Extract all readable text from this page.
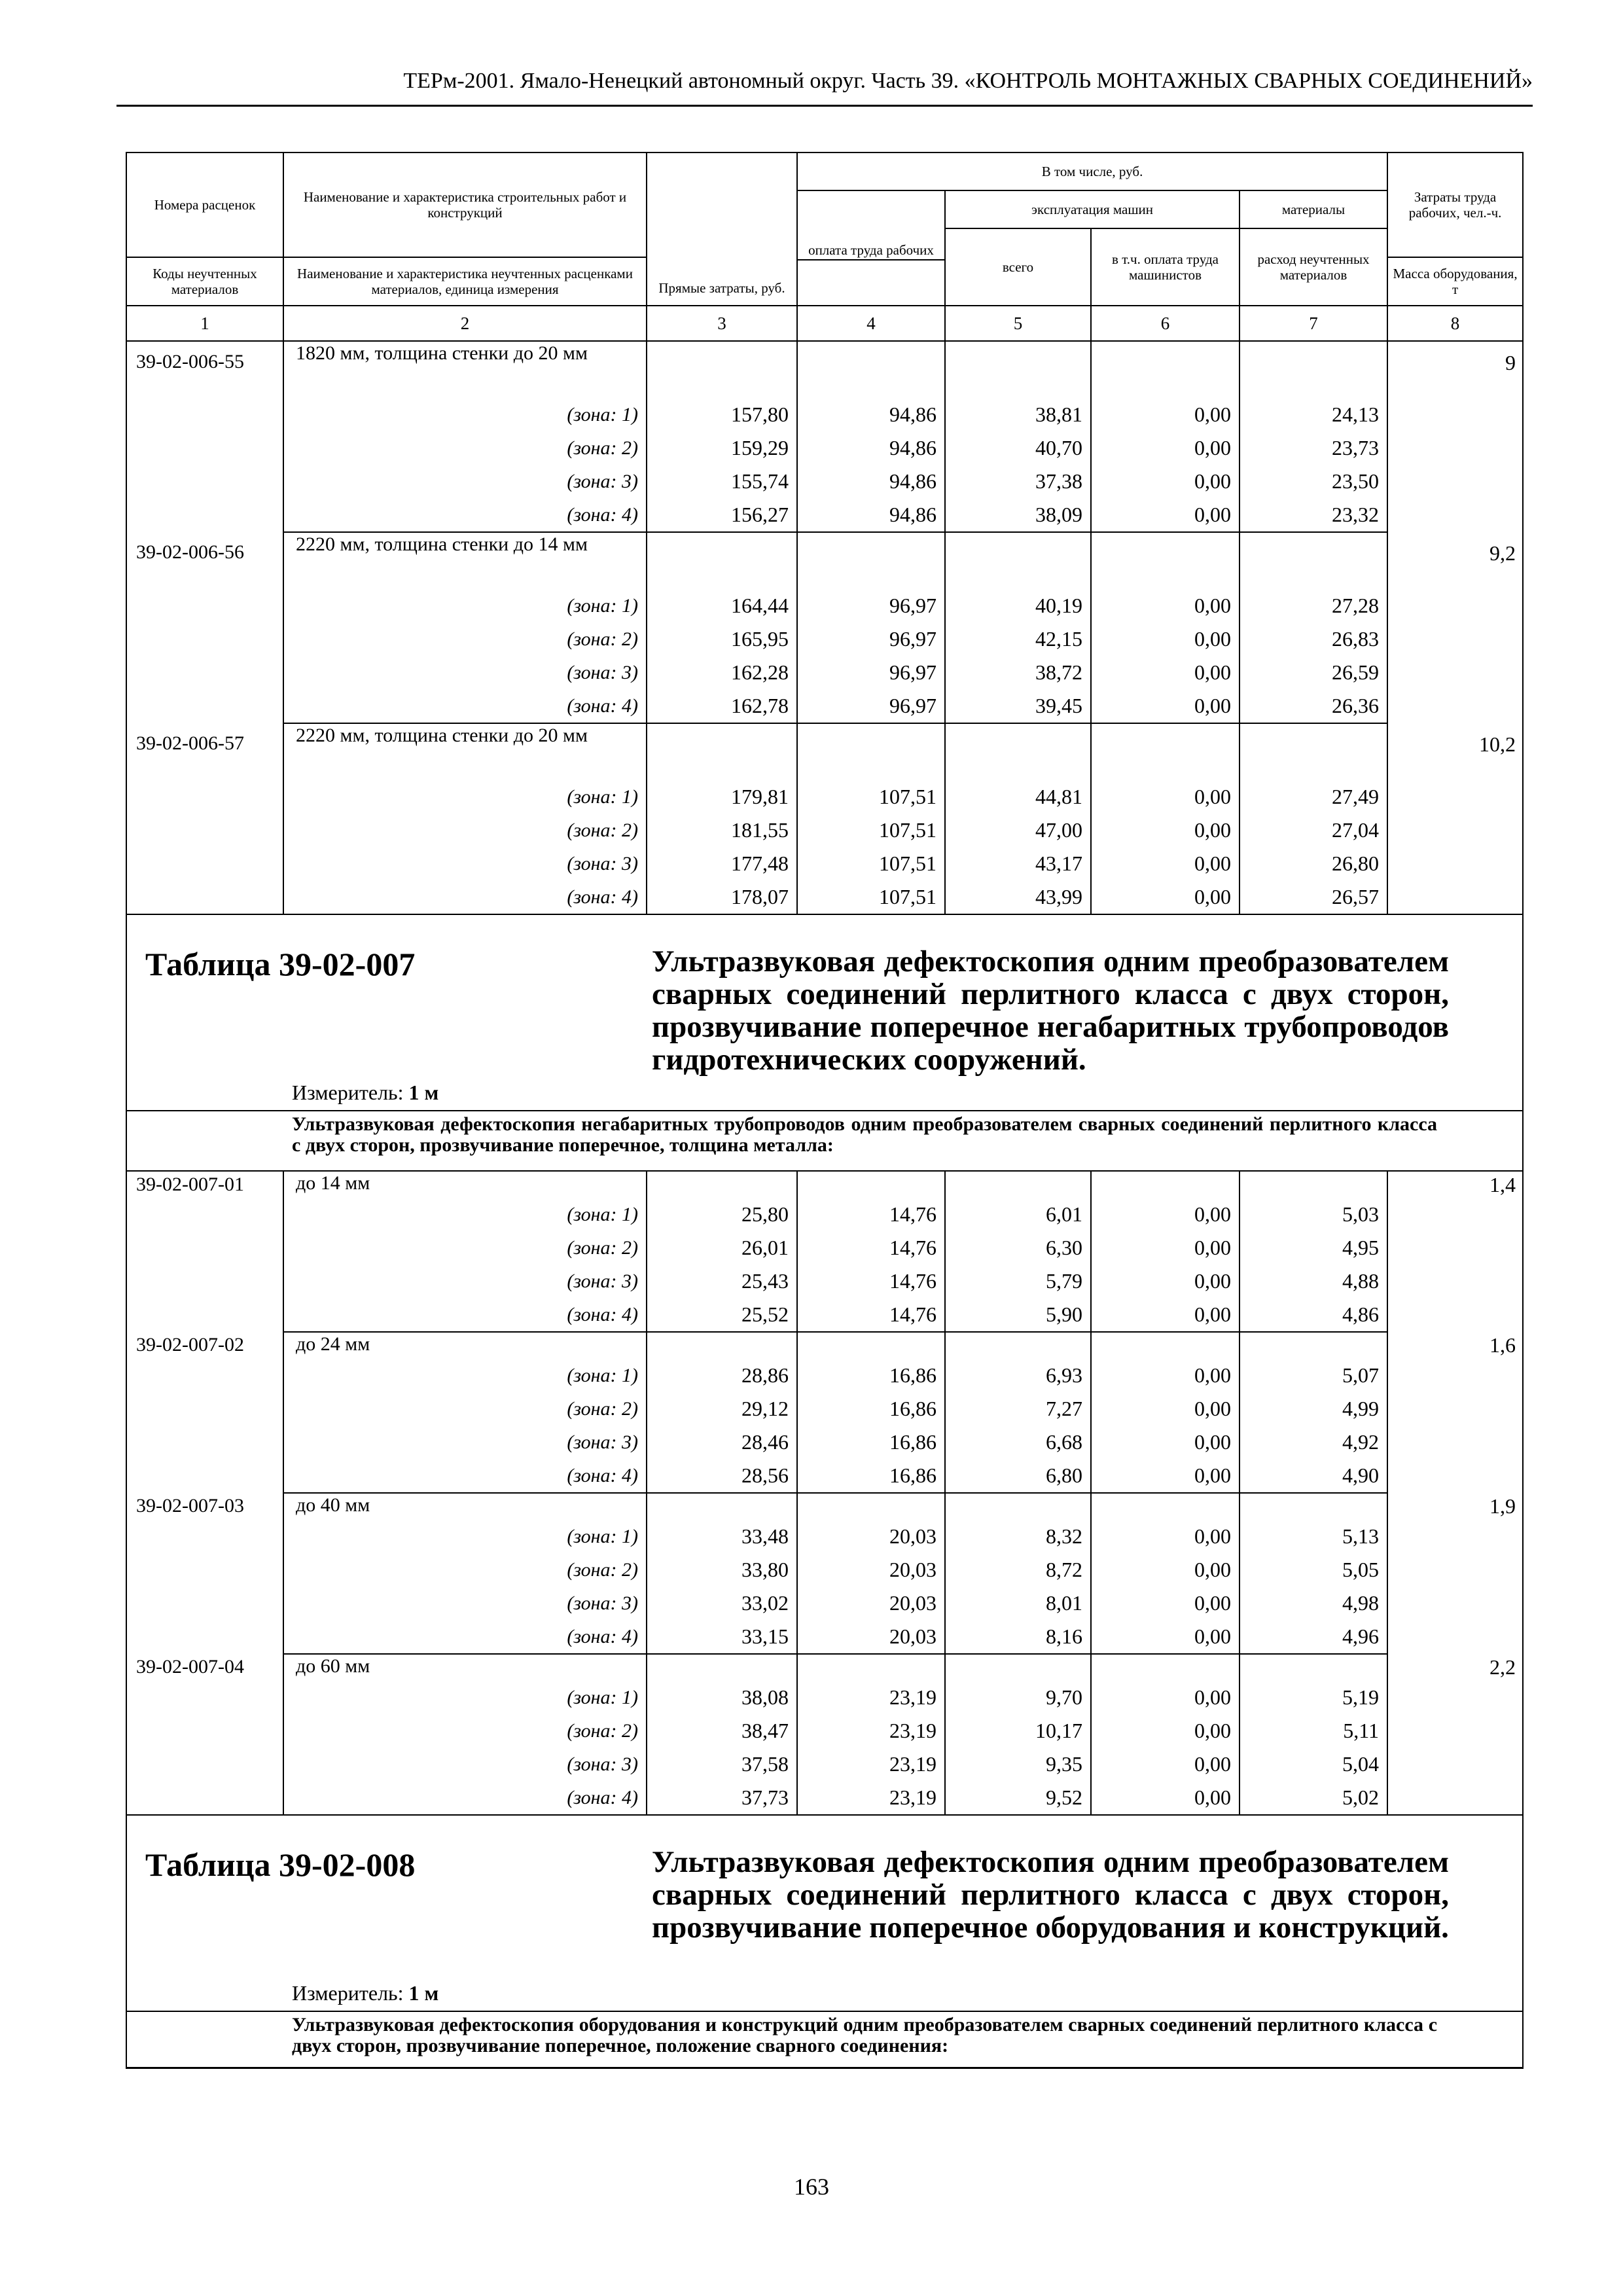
ТЕРм-2001. Ямало-Ненецкий автономный округ. Часть 39. «КОНТРОЛЬ МОНТАЖНЫХ СВАРНЫХ СОЕДИНЕНИЙ»
Номера расценок	Наименование и характеристика строительных работ и конструкций	Прямые затраты, руб.	В том числе, руб.				Затраты труда рабочих, чел.-ч.
			оплата труда рабочих	эксплуатация машин		материалы	
				всего	в т.ч. оплата труда машинистов	расход неучтенных материалов	
Коды неучтенных материалов	Наименование и характеристика неучтенных расценками материалов, единица измерения						Масса оборудования, т

1	2	3	4	5	6	7	8
39-02-006-55	1820 мм, толщина стенки до 20 мм						9
	(зона: 1)	157,80	94,86	38,81	0,00	24,13	
	(зона: 2)	159,29	94,86	40,70	0,00	23,73	
	(зона: 3)	155,74	94,86	37,38	0,00	23,50	
	(зона: 4)	156,27	94,86	38,09	0,00	23,32	
39-02-006-56	2220 мм, толщина стенки до 14 мм						9,2
	(зона: 1)	164,44	96,97	40,19	0,00	27,28	
	(зона: 2)	165,95	96,97	42,15	0,00	26,83	
	(зона: 3)	162,28	96,97	38,72	0,00	26,59	
	(зона: 4)	162,78	96,97	39,45	0,00	26,36	
39-02-006-57	2220 мм, толщина стенки до 20 мм						10,2
	(зона: 1)	179,81	107,51	44,81	0,00	27,49	
	(зона: 2)	181,55	107,51	47,00	0,00	27,04	
	(зона: 3)	177,48	107,51	43,17	0,00	26,80	
	(зона: 4)	178,07	107,51	43,99	0,00	26,57	

Таблица 39-02-007 Ультразвуковая дефектоскопия одним преобразователем сварных соединений перлитного класса с двух сторон, прозвучивание поперечное негабаритных трубопроводов гидротехнических сооружений.
Измеритель: 1 м							

Ультразвуковая дефектоскопия негабаритных трубопроводов одним преобразователем сварных соединений перлитного класса с двух сторон, прозвучивание поперечное, толщина металла:							
39-02-007-01	до 14 мм						1,4
	(зона: 1)	25,80	14,76	6,01	0,00	5,03	
	(зона: 2)	26,01	14,76	6,30	0,00	4,95	
	(зона: 3)	25,43	14,76	5,79	0,00	4,88	
	(зона: 4)	25,52	14,76	5,90	0,00	4,86	
39-02-007-02	до 24 мм						1,6
	(зона: 1)	28,86	16,86	6,93	0,00	5,07	
	(зона: 2)	29,12	16,86	7,27	0,00	4,99	
	(зона: 3)	28,46	16,86	6,68	0,00	4,92	
	(зона: 4)	28,56	16,86	6,80	0,00	4,90	
39-02-007-03	до 40 мм						1,9
	(зона: 1)	33,48	20,03	8,32	0,00	5,13	
	(зона: 2)	33,80	20,03	8,72	0,00	5,05	
	(зона: 3)	33,02	20,03	8,01	0,00	4,98	
	(зона: 4)	33,15	20,03	8,16	0,00	4,96	
39-02-007-04	до 60 мм						2,2
	(зона: 1)	38,08	23,19	9,70	0,00	5,19	
	(зона: 2)	38,47	23,19	10,17	0,00	5,11	
	(зона: 3)	37,58	23,19	9,35	0,00	5,04	
	(зона: 4)	37,73	23,19	9,52	0,00	5,02	

Таблица 39-02-008 Ультразвуковая дефектоскопия одним преобразователем сварных соединений перлитного класса с двух сторон, прозвучивание поперечное оборудования и конструкций.
Измеритель: 1 м							

Ультразвуковая дефектоскопия оборудования и конструкций одним преобразователем сварных соединений перлитного класса с двух сторон, прозвучивание поперечное, положение сварного соединения:							
163
